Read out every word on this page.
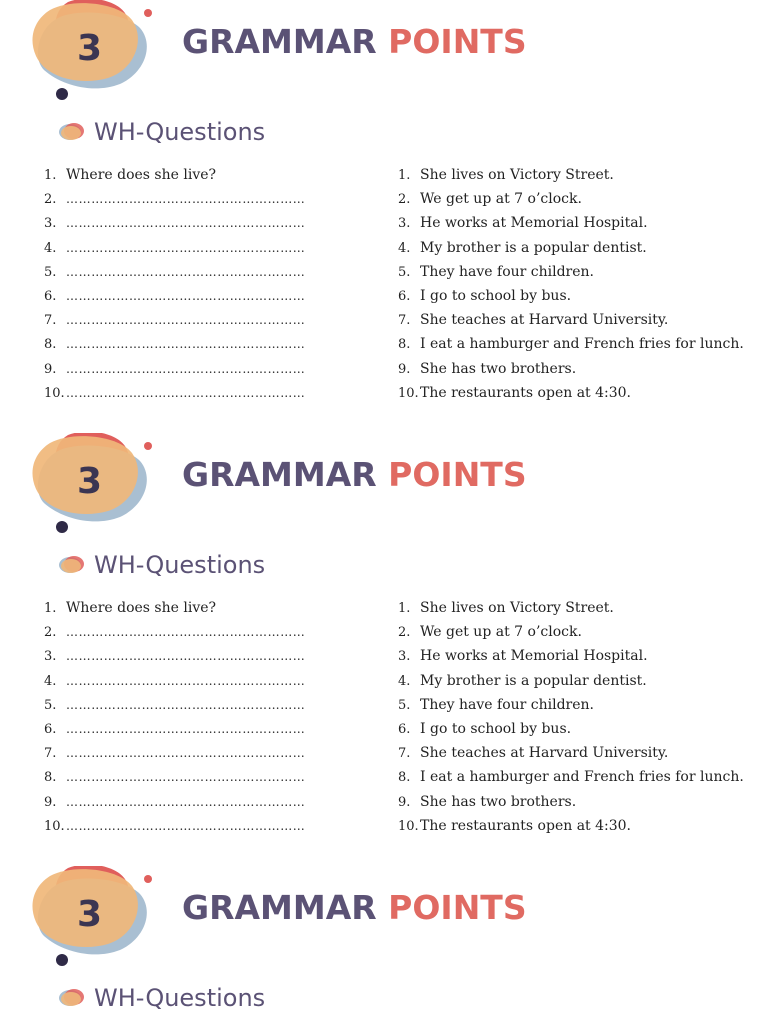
3 GRAMMAR POINTS
WH-Questions
1. Where does she live?
2. …………………………………………………
3. …………………………………………………
4. …………………………………………………
5. …………………………………………………
6. …………………………………………………
7. …………………………………………………
8. …………………………………………………
9. …………………………………………………
10.…………………………………………………
1. She lives on Victory Street.
2. We get up at 7 o’clock.
3. He works at Memorial Hospital.
4. My brother is a popular dentist.
5. They have four children.
6. I go to school by bus.
7. She teaches at Harvard University.
8. I eat a hamburger and French fries for lunch.
9. She has two brothers.
10.The restaurants open at 4:30.
3 GRAMMAR POINTS
WH-Questions
1. Where does she live?
2. …………………………………………………
3. …………………………………………………
4. …………………………………………………
5. …………………………………………………
6. …………………………………………………
7. …………………………………………………
8. …………………………………………………
9. …………………………………………………
10.…………………………………………………
1. She lives on Victory Street.
2. We get up at 7 o’clock.
3. He works at Memorial Hospital.
4. My brother is a popular dentist.
5. They have four children.
6. I go to school by bus.
7. She teaches at Harvard University.
8. I eat a hamburger and French fries for lunch.
9. She has two brothers.
10.The restaurants open at 4:30.
3 GRAMMAR POINTS
WH-Questions
